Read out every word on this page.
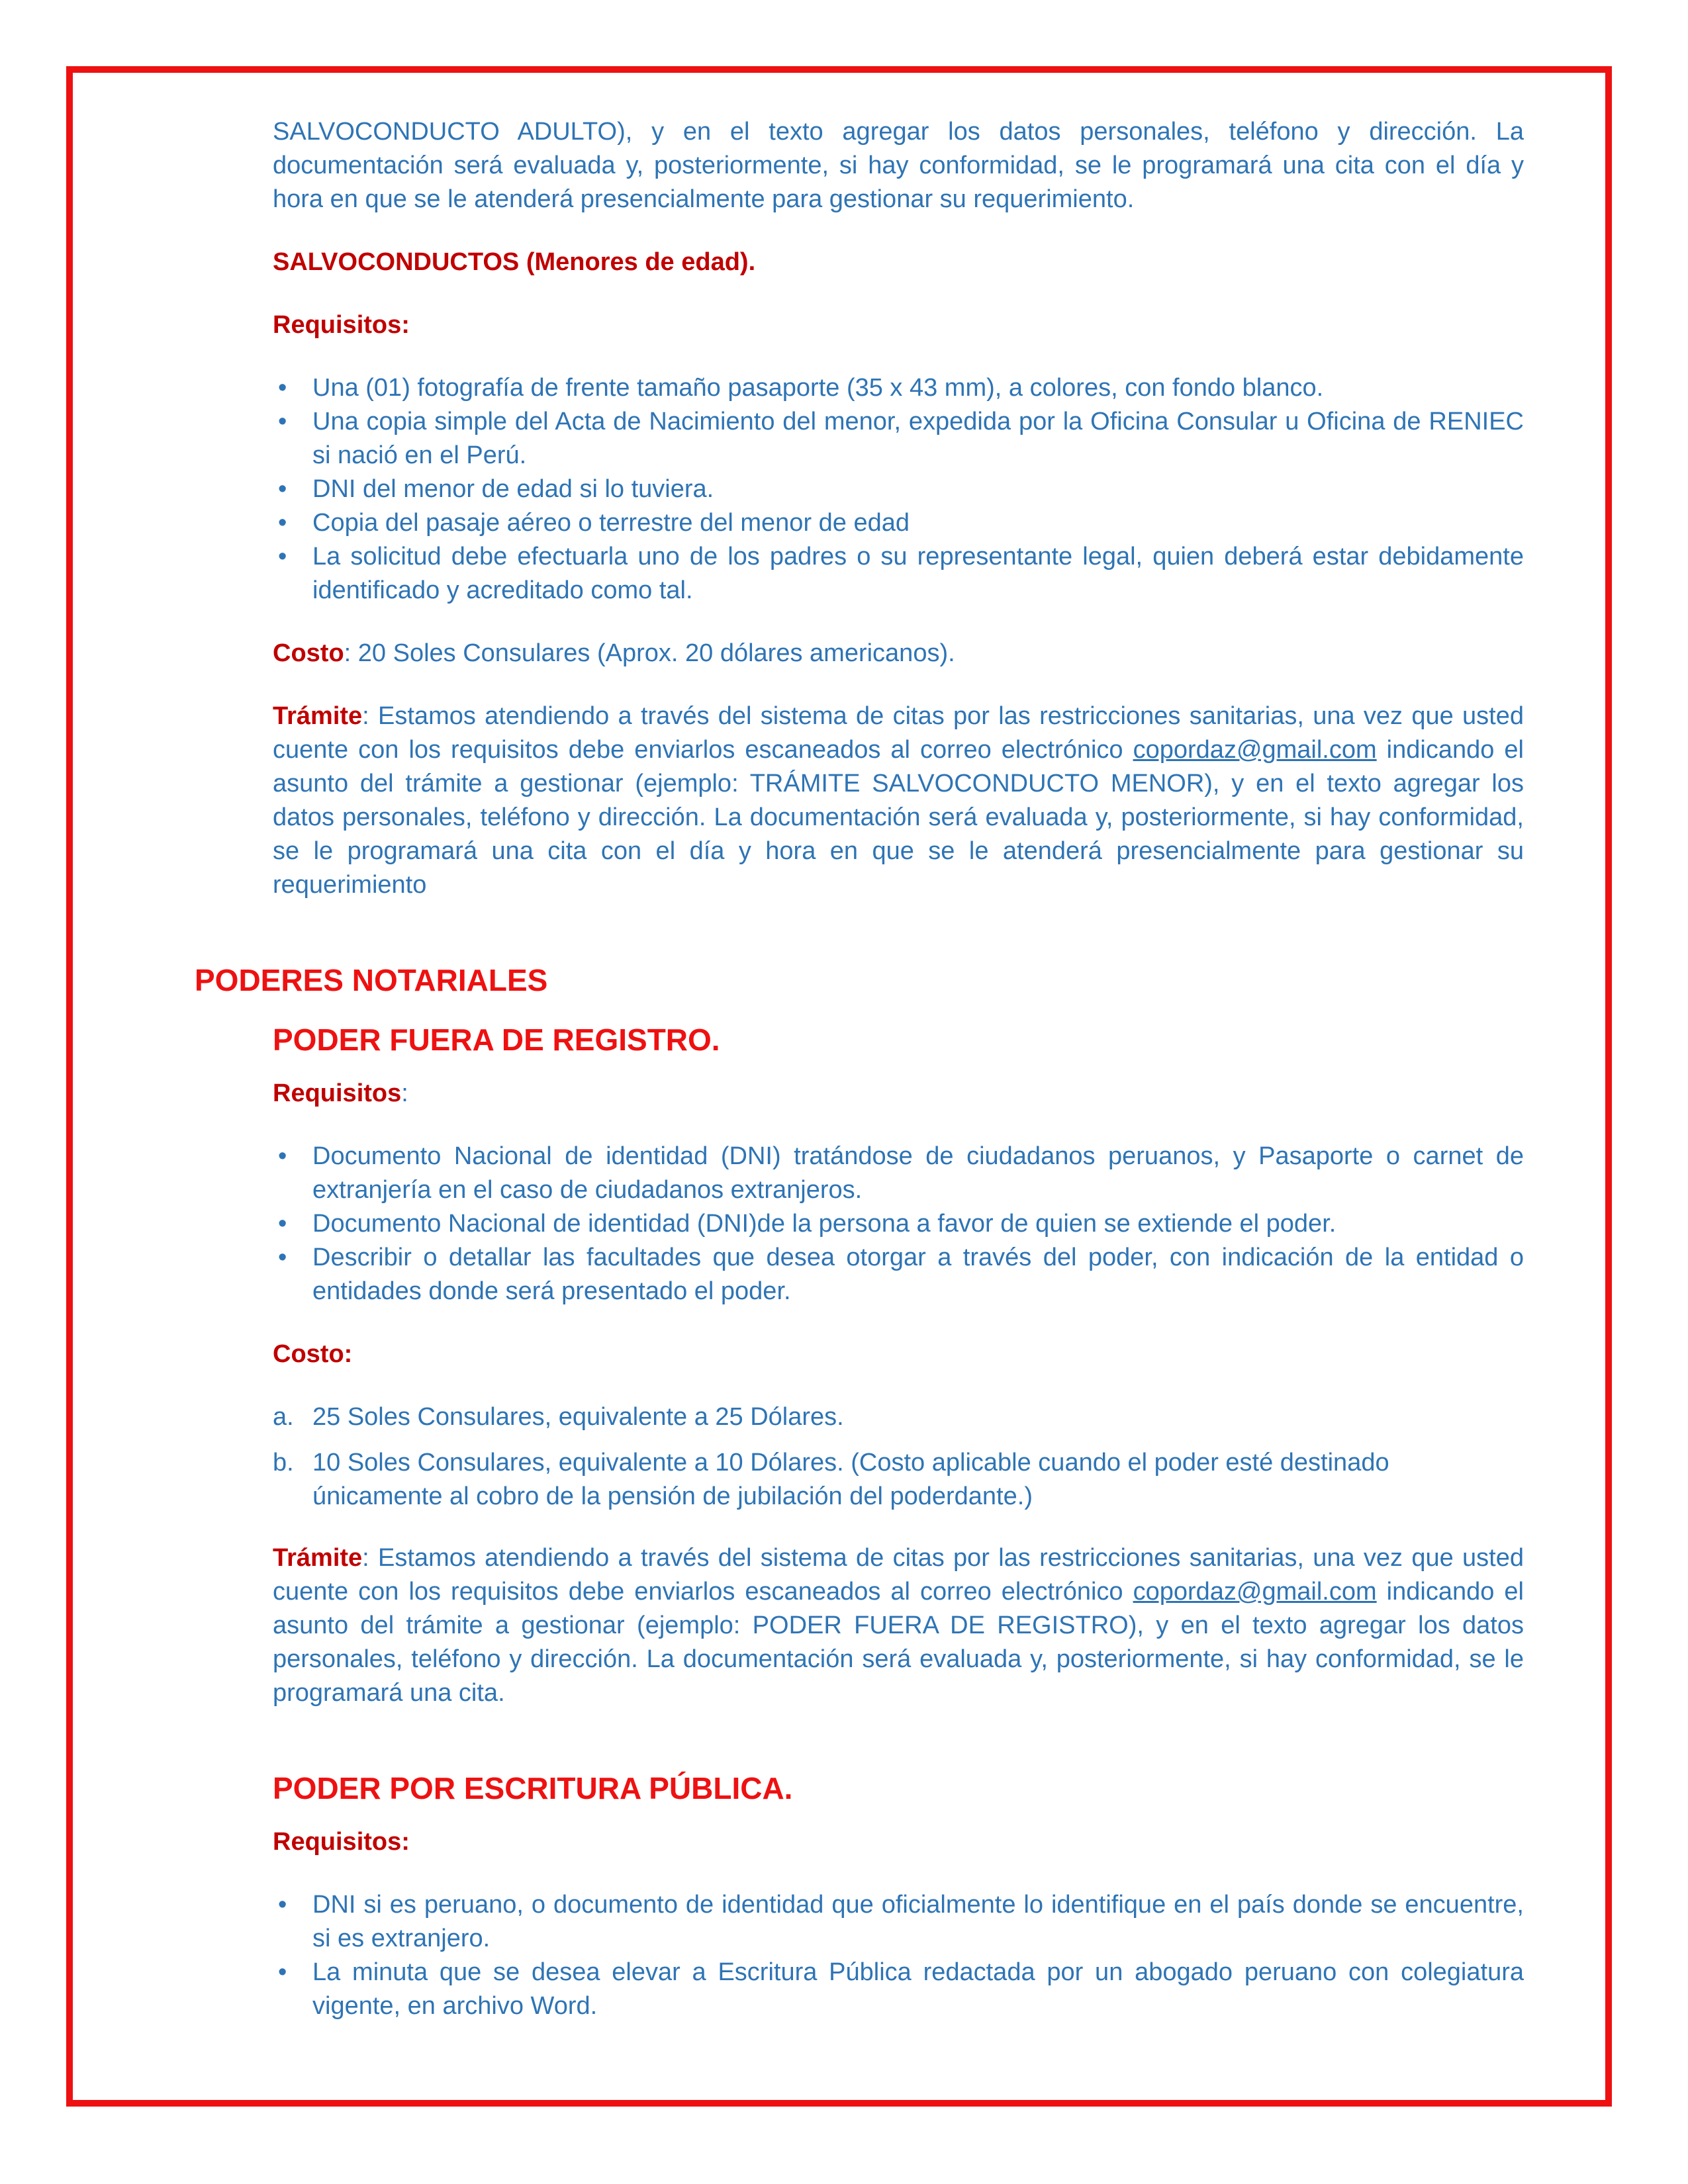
SALVOCONDUCTO ADULTO), y en el texto agregar los datos personales, teléfono y dirección. La documentación será evaluada y, posteriormente, si hay conformidad, se le programará una cita con el día y hora en que se le atenderá presencialmente para gestionar su requerimiento.

SALVOCONDUCTOS (Menores de edad).

Requisitos:

• Una (01) fotografía de frente tamaño pasaporte (35 x 43 mm), a colores, con fondo blanco.
• Una copia simple del Acta de Nacimiento del menor, expedida por la Oficina Consular u Oficina de RENIEC si nació en el Perú.
• DNI del menor de edad si lo tuviera.
• Copia del pasaje aéreo o terrestre del menor de edad
• La solicitud debe efectuarla uno de los padres o su representante legal, quien deberá estar debidamente identificado y acreditado como tal.

Costo: 20 Soles Consulares (Aprox. 20 dólares americanos).

Trámite: Estamos atendiendo a través del sistema de citas por las restricciones sanitarias, una vez que usted cuente con los requisitos debe enviarlos escaneados al correo electrónico copordaz@gmail.com indicando el asunto del trámite a gestionar (ejemplo: TRÁMITE SALVOCONDUCTO MENOR), y en el texto agregar los datos personales, teléfono y dirección. La documentación será evaluada y, posteriormente, si hay conformidad, se le programará una cita con el día y hora en que se le atenderá presencialmente para gestionar su requerimiento

PODERES NOTARIALES

PODER FUERA DE REGISTRO.

Requisitos:

• Documento Nacional de identidad (DNI) tratándose de ciudadanos peruanos, y Pasaporte o carnet de extranjería en el caso de ciudadanos extranjeros.
• Documento Nacional de identidad (DNI)de la persona a favor de quien se extiende el poder.
• Describir o detallar las facultades que desea otorgar a través del poder, con indicación de la entidad o entidades donde será presentado el poder.

Costo:

a. 25 Soles Consulares, equivalente a 25 Dólares.
b. 10 Soles Consulares, equivalente a 10 Dólares. (Costo aplicable cuando el poder esté destinado únicamente al cobro de la pensión de jubilación del poderdante.)

Trámite: Estamos atendiendo a través del sistema de citas por las restricciones sanitarias, una vez que usted cuente con los requisitos debe enviarlos escaneados al correo electrónico copordaz@gmail.com indicando el asunto del trámite a gestionar (ejemplo: PODER FUERA DE REGISTRO), y en el texto agregar los datos personales, teléfono y dirección. La documentación será evaluada y, posteriormente, si hay conformidad, se le programará una cita.

PODER POR ESCRITURA PÚBLICA.

Requisitos:

• DNI si es peruano, o documento de identidad que oficialmente lo identifique en el país donde se encuentre, si es extranjero.
• La minuta que se desea elevar a Escritura Pública redactada por un abogado peruano con colegiatura vigente, en archivo Word.
